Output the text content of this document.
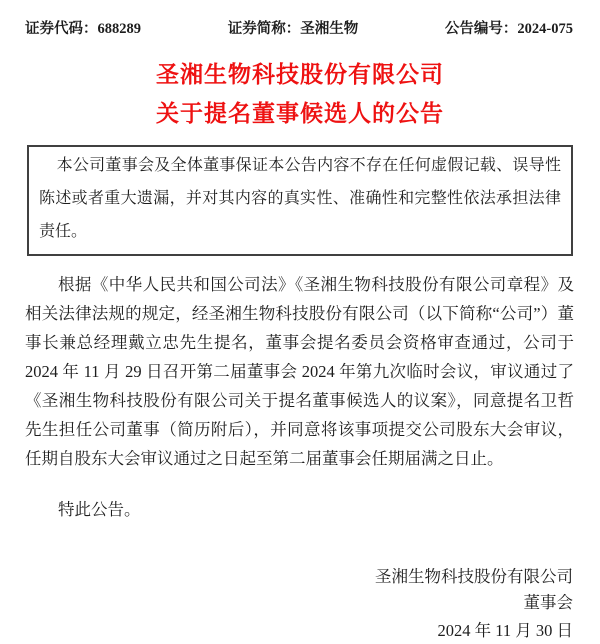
证券代码：688289	证券简称：圣湘生物	公告编号：2024-075
圣湘生物科技股份有限公司
关于提名董事候选人的公告

本公司董事会及全体董事保证本公告内容不存在任何虚假记载、误导性陈述或者重大遗漏，并对其内容的真实性、准确性和完整性依法承担法律责任。

根据《中华人民共和国公司法》《圣湘生物科技股份有限公司章程》及相关法律法规的规定，经圣湘生物科技股份有限公司（以下简称“公司”）董事长兼总经理戴立忠先生提名，董事会提名委员会资格审查通过，公司于 2024 年 11 月 29 日召开第二届董事会 2024 年第九次临时会议，审议通过了《圣湘生物科技股份有限公司关于提名董事候选人的议案》，同意提名卫哲先生担任公司董事（简历附后），并同意将该事项提交公司股东大会审议，任期自股东大会审议通过之日起至第二届董事会任期届满之日止。

特此公告。

圣湘生物科技股份有限公司
董事会
2024 年 11 月 30 日
